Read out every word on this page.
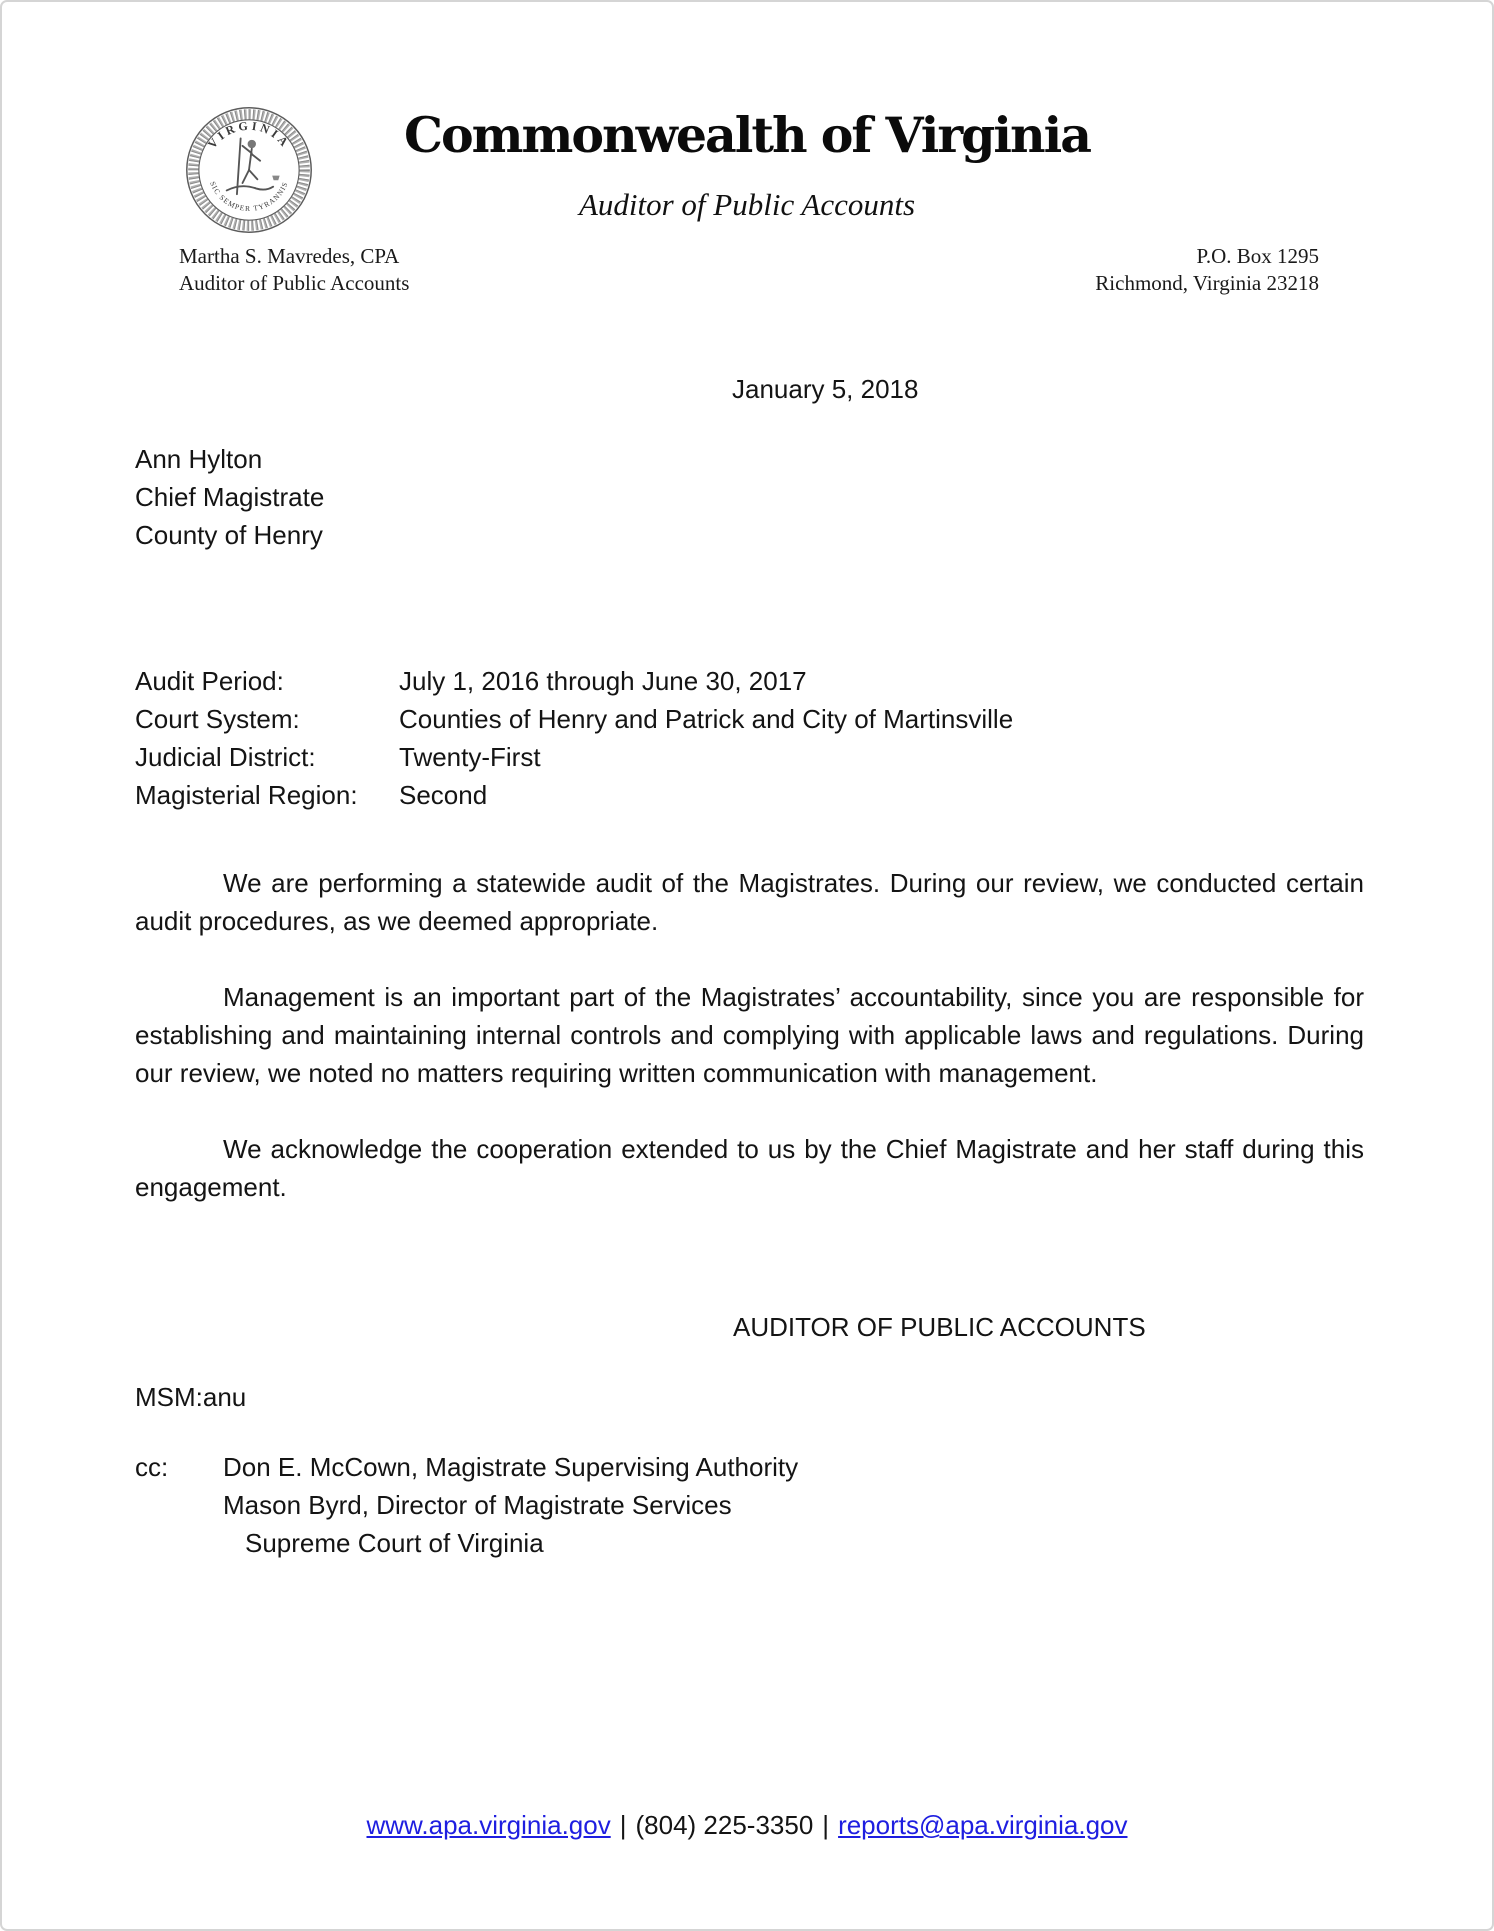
VIRGINIA
SIC SEMPER TYRANNIS
Commonwealth of Virginia
Auditor of Public Accounts
Martha S. Mavredes, CPA
Auditor of Public Accounts
P.O. Box 1295
Richmond, Virginia 23218
January 5, 2018
Ann Hylton
Chief Magistrate
County of Henry
Audit Period:	July 1, 2016 through June 30, 2017
Court System:	Counties of Henry and Patrick and City of Martinsville
Judicial District:	Twenty-First
Magisterial Region: Second

We are performing a statewide audit of the Magistrates. During our review, we conducted certain audit procedures, as we deemed appropriate.

Management is an important part of the Magistrates’ accountability, since you are responsible for establishing and maintaining internal controls and complying with applicable laws and regulations. During our review, we noted no matters requiring written communication with management.

We acknowledge the cooperation extended to us by the Chief Magistrate and her staff during this engagement.

AUDITOR OF PUBLIC ACCOUNTS
MSM:anu
cc:	Don E. McCown, Magistrate Supervising Authority
Mason Byrd, Director of Magistrate Services
Supreme Court of Virginia
www.apa.virginia.gov | (804) 225-3350 | reports@apa.virginia.gov
